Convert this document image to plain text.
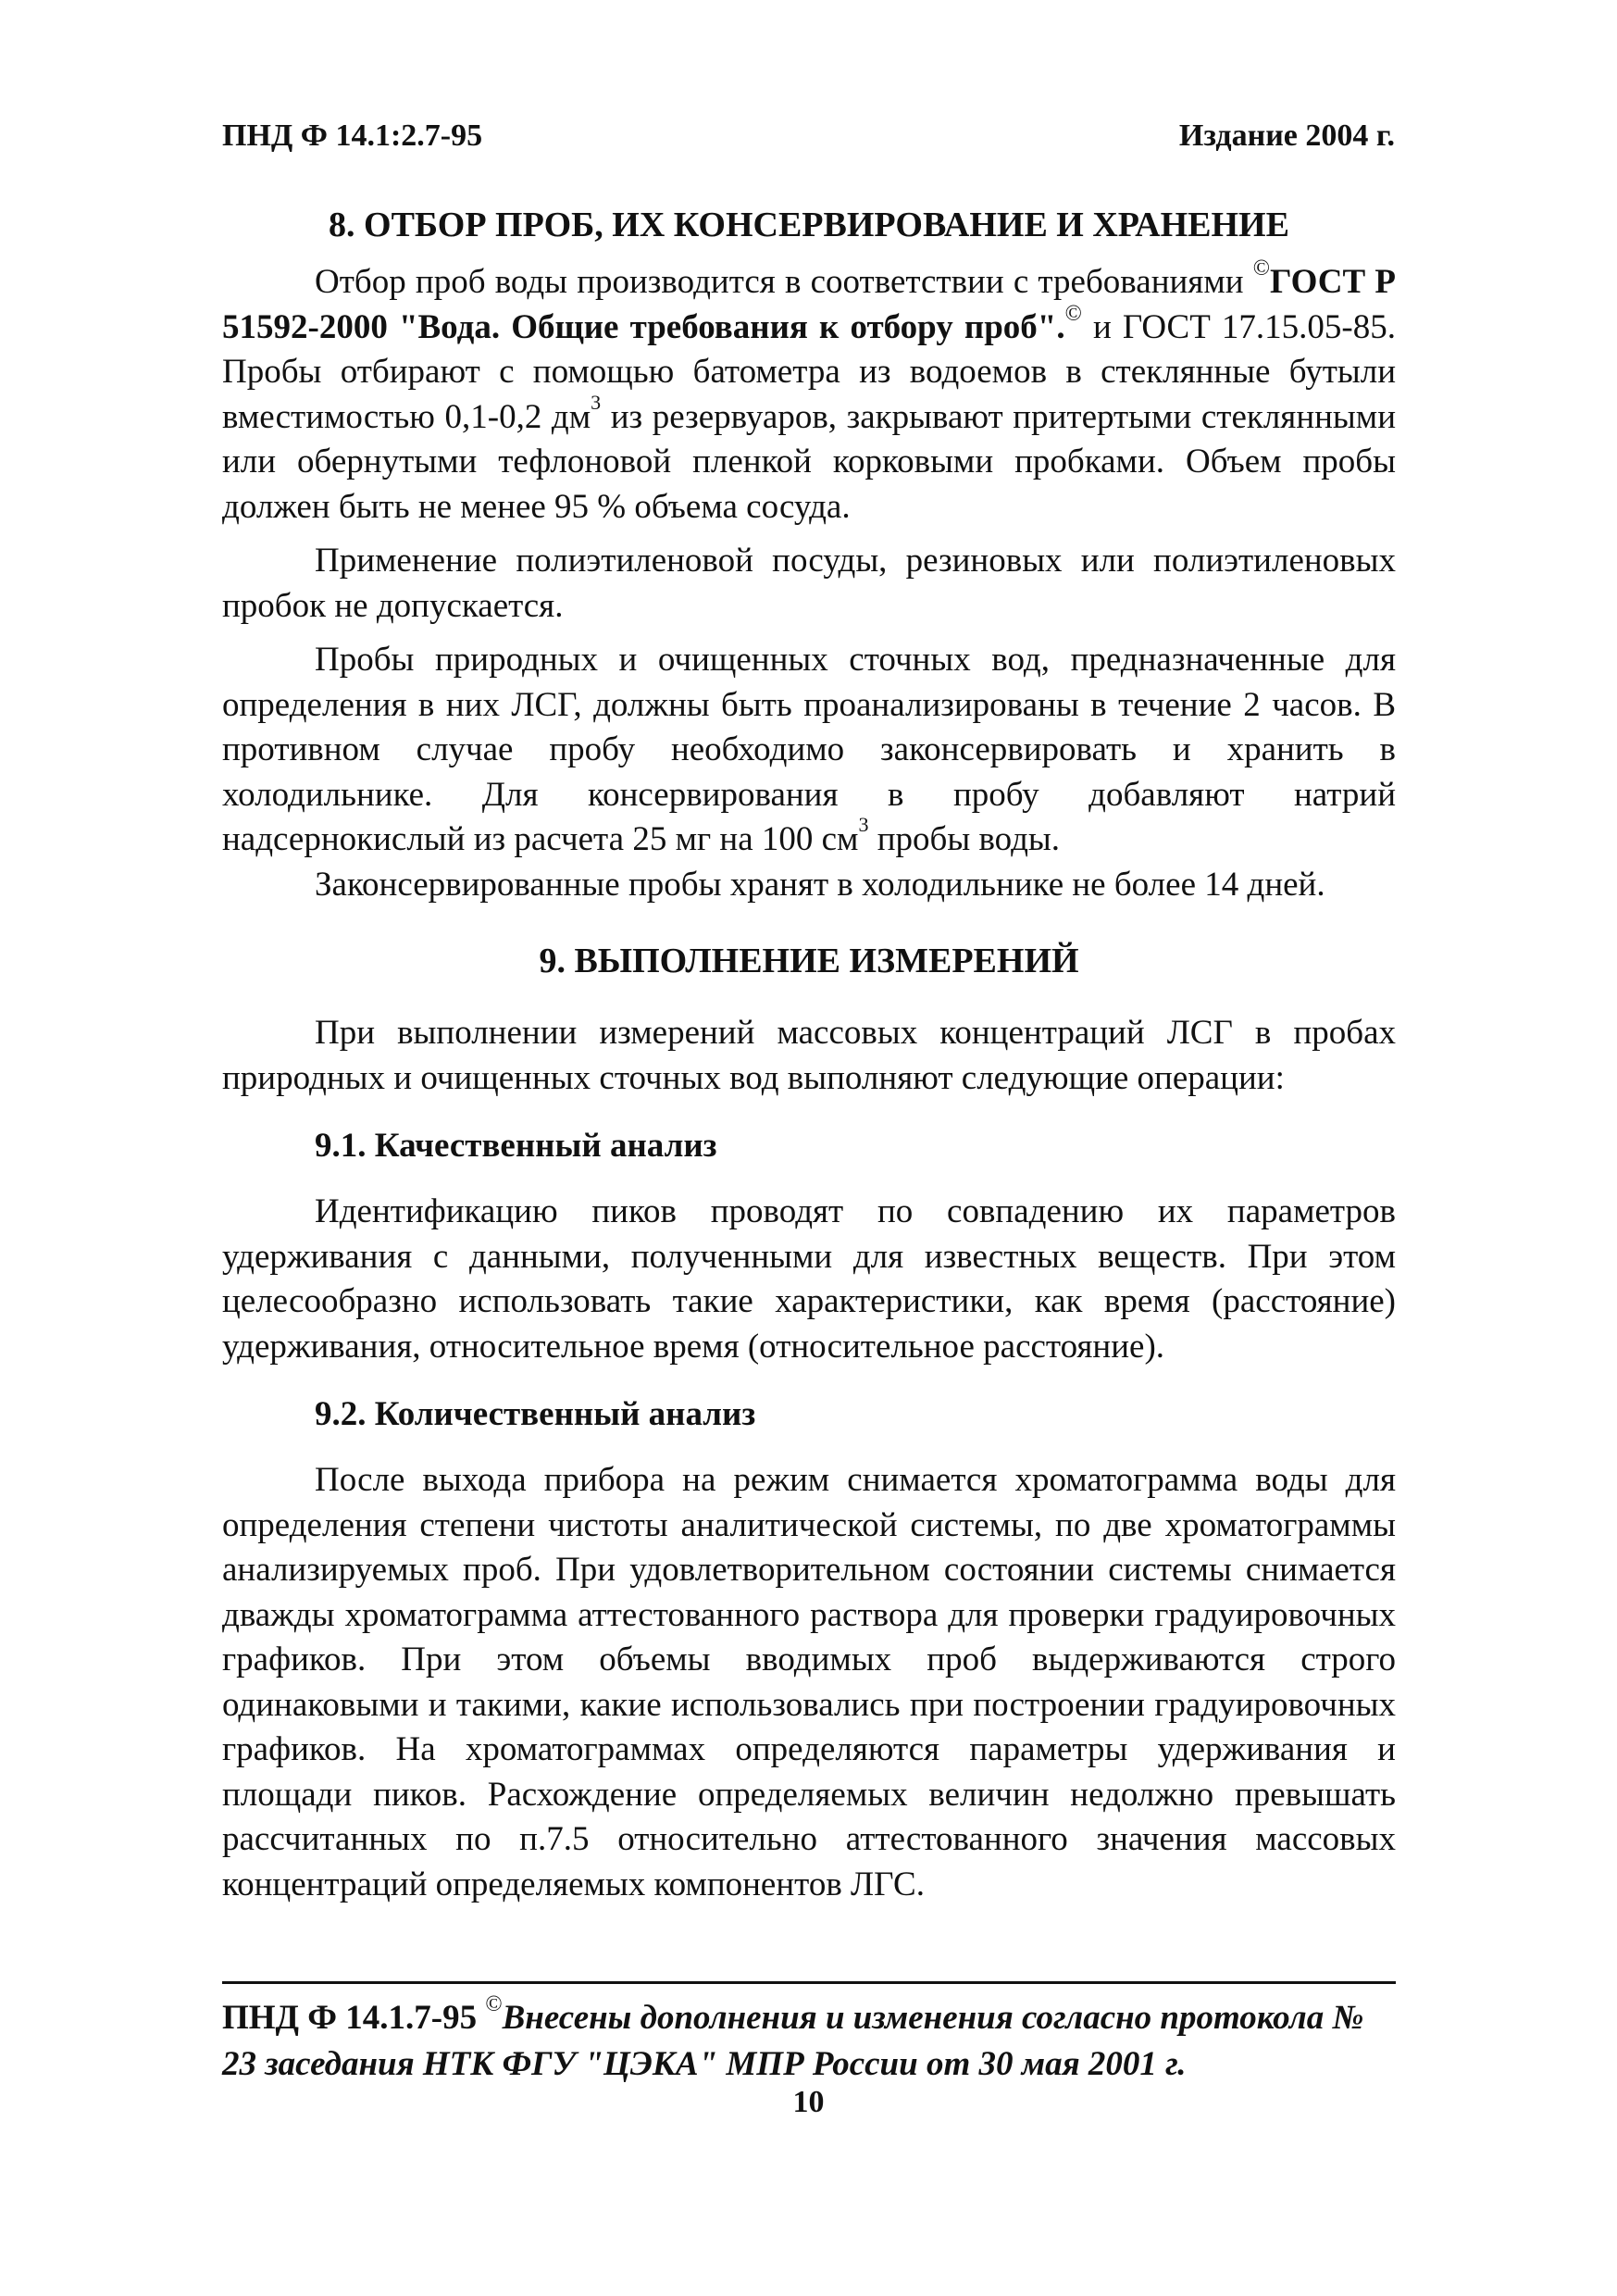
ПНД Ф 14.1:2.7-95	Издание 2004 г.
8. ОТБОР ПРОБ, ИХ КОНСЕРВИРОВАНИЕ И ХРАНЕНИЕ

Отбор проб воды производится в соответствии с требованиями ©ГОСТ Р 51592-2000 "Вода. Общие требования к отбору проб".© и ГОСТ 17.15.05-85. Пробы отбирают с помощью батометра из водоемов в стеклянные бутыли вместимостью 0,1-0,2 $дм^3$ из резервуаров, закрывают притертыми стеклянными или обернутыми тефлоновой пленкой корковыми пробками. Объем пробы должен быть не менее 95 % объема сосуда.

Применение полиэтиленовой посуды, резиновых или полиэтиленовых пробок не допускается.

Пробы природных и очищенных сточных вод, предназначенные для определения в них ЛСГ, должны быть проанализированы в течение 2 часов. В противном случае пробу необходимо законсервировать и хранить в холодильнике. Для консервирования в пробу добавляют натрий надсернокислый из расчета 25 мг на 100 $см^3$ пробы воды.

Законсервированные пробы хранят в холодильнике не более 14 дней.

9. ВЫПОЛНЕНИЕ ИЗМЕРЕНИЙ

При выполнении измерений массовых концентраций ЛСГ в пробах природных и очищенных сточных вод выполняют следующие операции:

9.1. Качественный анализ

Идентификацию пиков проводят по совпадению их параметров удерживания с данными, полученными для известных веществ. При этом целесообразно использовать такие характеристики, как время (расстояние) удерживания, относительное время (относительное расстояние).

9.2. Количественный анализ

После выхода прибора на режим снимается хроматограмма воды для определения степени чистоты аналитической системы, по две хроматограммы анализируемых проб. При удовлетворительном состоянии системы снимается дважды хроматограмма аттестованного раствора для проверки градуировочных графиков. При этом объемы вводимых проб выдерживаются строго одинаковыми и такими, какие использовались при построении градуировочных графиков. На хроматограммах определяются параметры удерживания и площади пиков. Расхождение определяемых величин недолжно превышать рассчитанных по п.7.5 относительно аттестованного значения массовых концентраций определяемых компонентов ЛГС.

ПНД Ф 14.1.7-95 ©Внесены дополнения и изменения согласно протокола № 23 заседания НТК ФГУ "ЦЭКА" МПР России от 30 мая 2001 г.
10
